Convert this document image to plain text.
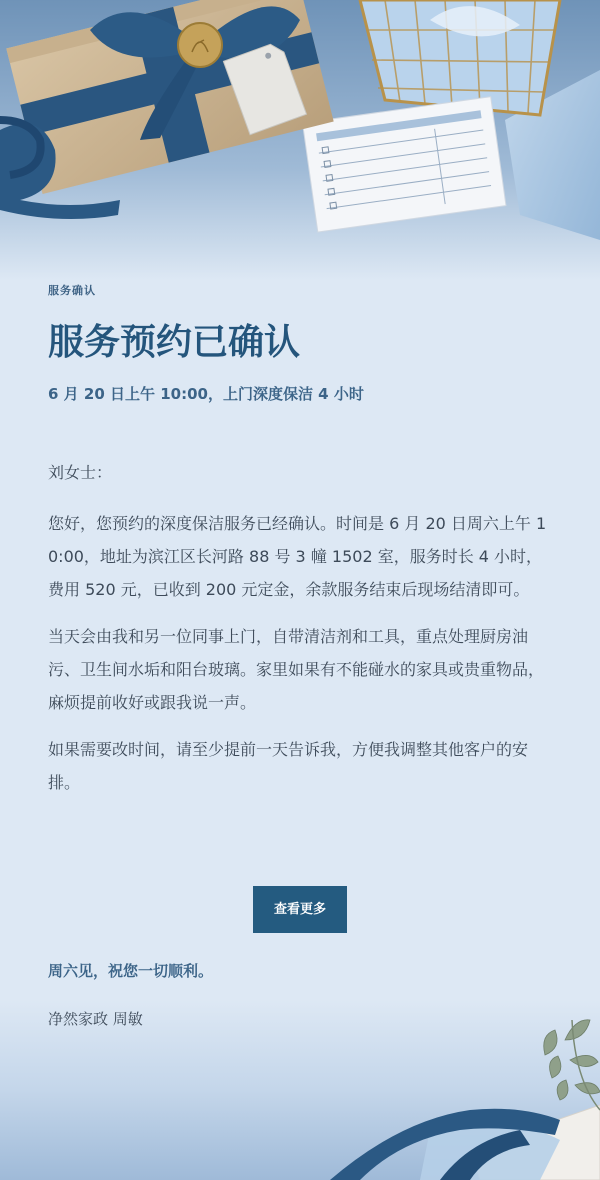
服务确认

服务预约已确认

6 月 20 日上午 10:00，上门深度保洁 4 小时

刘女士：

您好，您预约的深度保洁服务已经确认。时间是 6 月 20 日周六上午 10:00，地址为滨江区长河路 88 号 3 幢 1502 室，服务时长 4 小时，费用 520 元，已收到 200 元定金，余款服务结束后现场结清即可。

当天会由我和另一位同事上门，自带清洁剂和工具，重点处理厨房油污、卫生间水垢和阳台玻璃。家里如果有不能碰水的家具或贵重物品，麻烦提前收好或跟我说一声。

如果需要改时间，请至少提前一天告诉我，方便我调整其他客户的安排。

查看更多

周六见，祝您一切顺利。

净然家政 周敏
